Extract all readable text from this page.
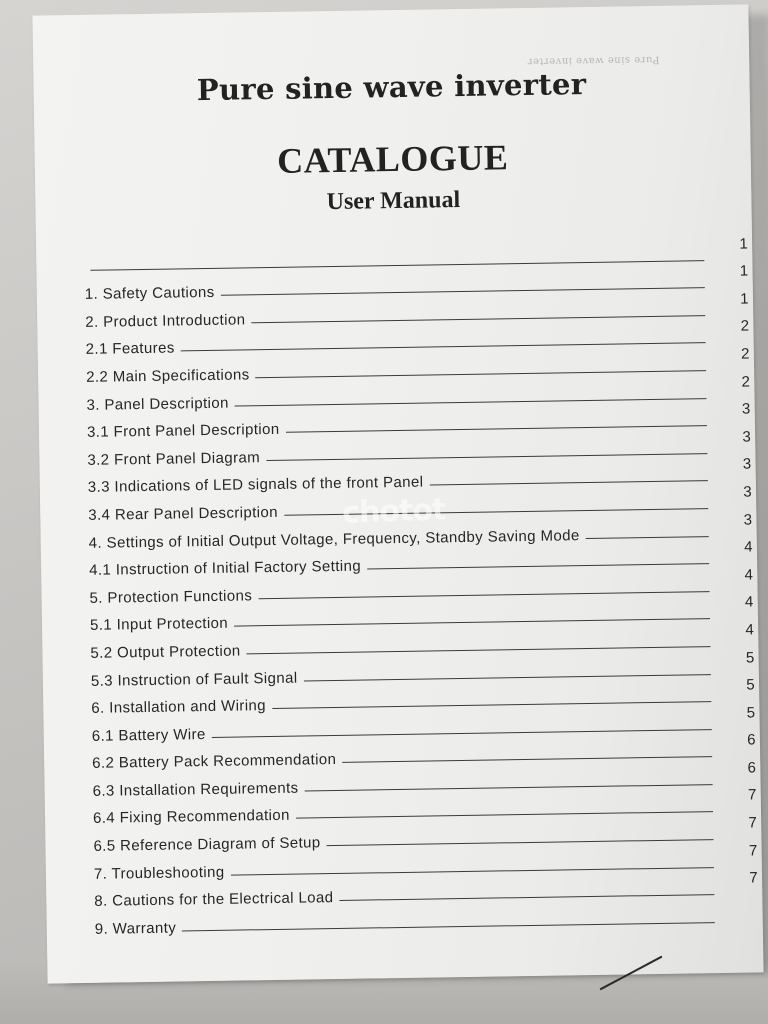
Pure sine wave inverter
Pure sine wave inverter
CATALOGUE
User Manual
1
1. Safety Cautions
1
2. Product Introduction
1
2.1 Features
2
2.2 Main Specifications
2
3. Panel Description
2
3.1 Front Panel Description
3
3.2 Front Panel Diagram
3
3.3 Indications of LED signals of the front Panel
3
3.4 Rear Panel Description
3
4. Settings of Initial Output Voltage, Frequency, Standby Saving Mode
3
4.1 Instruction of Initial Factory Setting
4
5. Protection Functions
4
5.1 Input Protection
4
5.2 Output Protection
4
5.3 Instruction of Fault Signal
5
6. Installation and Wiring
5
6.1 Battery Wire
5
6.2 Battery Pack Recommendation
6
6.3 Installation Requirements
6
6.4 Fixing Recommendation
7
6.5 Reference Diagram of Setup
7
7. Troubleshooting
7
8. Cautions for the Electrical Load
7
9. Warranty
chotot
